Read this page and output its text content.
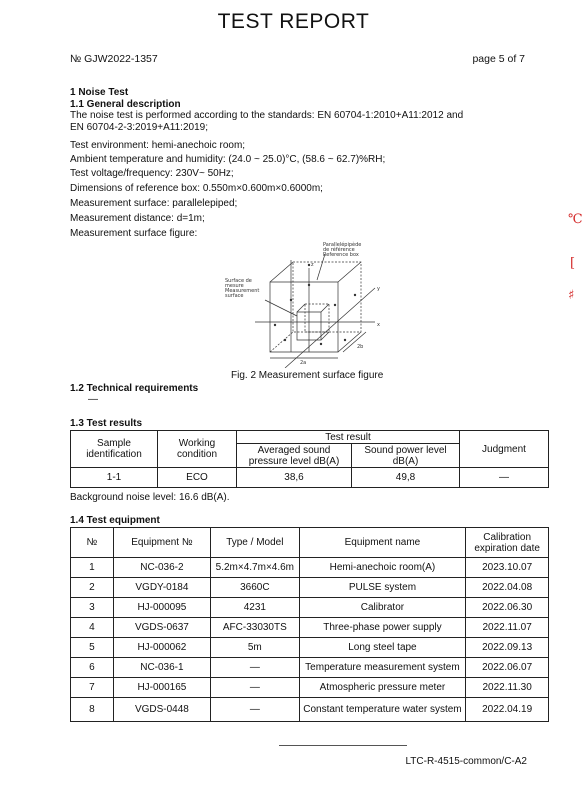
TEST REPORT
№ GJW2022-1357	page 5 of 7
1 Noise Test
1.1 General description
The noise test is performed according to the standards: EN 60704-1:2010+A11:2012 and
EN 60704-2-3:2019+A11:2019;
Test environment: hemi-anechoic room;
Ambient temperature and humidity: (24.0 ~ 25.0)°C, (58.6 ~ 62.7)%RH;
Test voltage/frequency: 230V~ 50Hz;
Dimensions of reference box: 0.550m×0.600m×0.6000m;
Measurement surface: parallelepiped;
Measurement distance: d=1m;
Measurement surface figure:
Parallelépipède
de référence
Reference box
Surface de
mesure
Measurement
surface
y
x
z
2a
2b
Fig. 2 Measurement surface figure
1.2 Technical requirements
—
1.3 Test results
Sample identification	Working condition	Test result		Judgment
		Averaged sound pressure level dB(A)	Sound power level dB(A)	
1-1	ECO	38,6	49,8	—
Background noise level: 16.6 dB(A).
1.4 Test equipment
№	Equipment №	Type / Model	Equipment name	Calibration expiration date
1	NC-036-2	5.2m×4.7m×4.6m	Hemi-anechoic room(A)	2023.10.07
2	VGDY-0184	3660C	PULSE system	2022.04.08
3	HJ-000095	4231	Calibrator	2022.06.30
4	VGDS-0637	AFC-33030TS	Three-phase power supply	2022.11.07
5	HJ-000062	5m	Long steel tape	2022.09.13
6	NC-036-1	—	Temperature measurement system	2022.06.07
7	HJ-000165	—	Atmospheric pressure meter	2022.11.30
8	VGDS-0448	—	Constant temperature water system	2022.04.19
LTC-R-4515-common/C-A2
℃
[
♯
